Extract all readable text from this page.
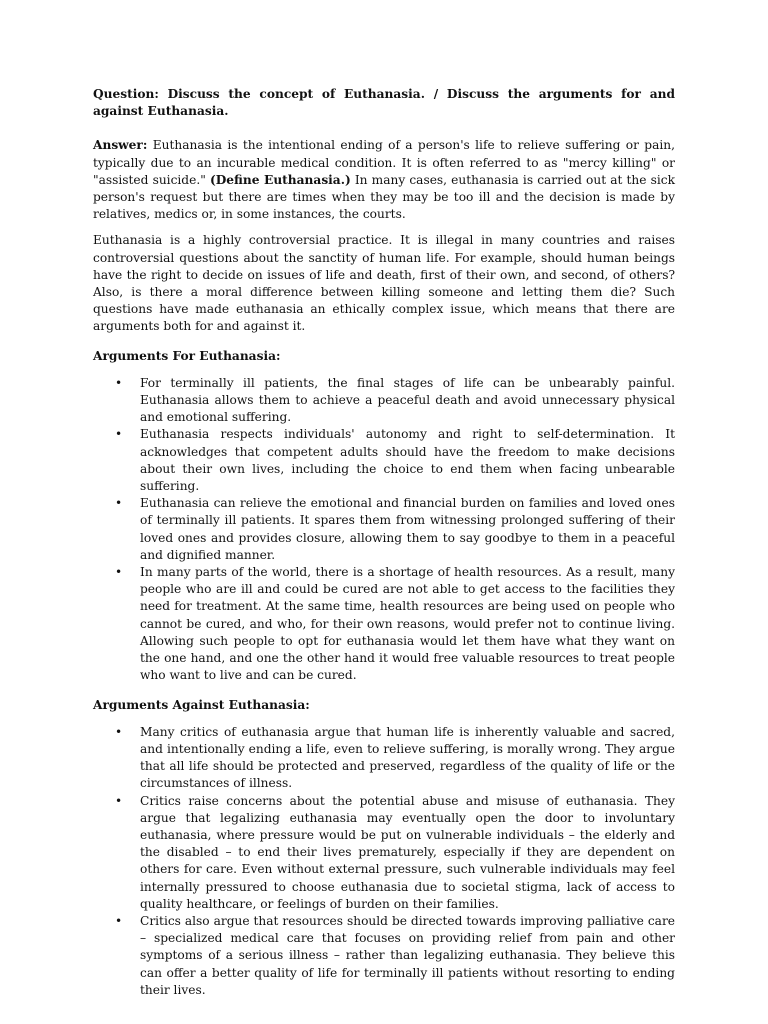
Question: Discuss the concept of Euthanasia. / Discuss the arguments for and against Euthanasia.

Answer: Euthanasia is the intentional ending of a person's life to relieve suffering or pain, typically due to an incurable medical condition. It is often referred to as "mercy killing" or "assisted suicide." (Define Euthanasia.) In many cases, euthanasia is carried out at the sick person's request but there are times when they may be too ill and the decision is made by relatives, medics or, in some instances, the courts.

Euthanasia is a highly controversial practice. It is illegal in many countries and raises controversial questions about the sanctity of human life. For example, should human beings have the right to decide on issues of life and death, first of their own, and second, of others? Also, is there a moral difference between killing someone and letting them die? Such questions have made euthanasia an ethically complex issue, which means that there are arguments both for and against it.

Arguments For Euthanasia:
• For terminally ill patients, the final stages of life can be unbearably painful. Euthanasia allows them to achieve a peaceful death and avoid unnecessary physical and emotional suffering.
• Euthanasia respects individuals' autonomy and right to self-determination. It acknowledges that competent adults should have the freedom to make decisions about their own lives, including the choice to end them when facing unbearable suffering.
• Euthanasia can relieve the emotional and financial burden on families and loved ones of terminally ill patients. It spares them from witnessing prolonged suffering of their loved ones and provides closure, allowing them to say goodbye to them in a peaceful and dignified manner.
• In many parts of the world, there is a shortage of health resources. As a result, many people who are ill and could be cured are not able to get access to the facilities they need for treatment. At the same time, health resources are being used on people who cannot be cured, and who, for their own reasons, would prefer not to continue living. Allowing such people to opt for euthanasia would let them have what they want on the one hand, and one the other hand it would free valuable resources to treat people who want to live and can be cured.
Arguments Against Euthanasia:
• Many critics of euthanasia argue that human life is inherently valuable and sacred, and intentionally ending a life, even to relieve suffering, is morally wrong. They argue that all life should be protected and preserved, regardless of the quality of life or the circumstances of illness.
• Critics raise concerns about the potential abuse and misuse of euthanasia. They argue that legalizing euthanasia may eventually open the door to involuntary euthanasia, where pressure would be put on vulnerable individuals – the elderly and the disabled – to end their lives prematurely, especially if they are dependent on others for care. Even without external pressure, such vulnerable individuals may feel internally pressured to choose euthanasia due to societal stigma, lack of access to quality healthcare, or feelings of burden on their families.
• Critics also argue that resources should be directed towards improving palliative care – specialized medical care that focuses on providing relief from pain and other symptoms of a serious illness – rather than legalizing euthanasia. They believe this can offer a better quality of life for terminally ill patients without resorting to ending their lives.
